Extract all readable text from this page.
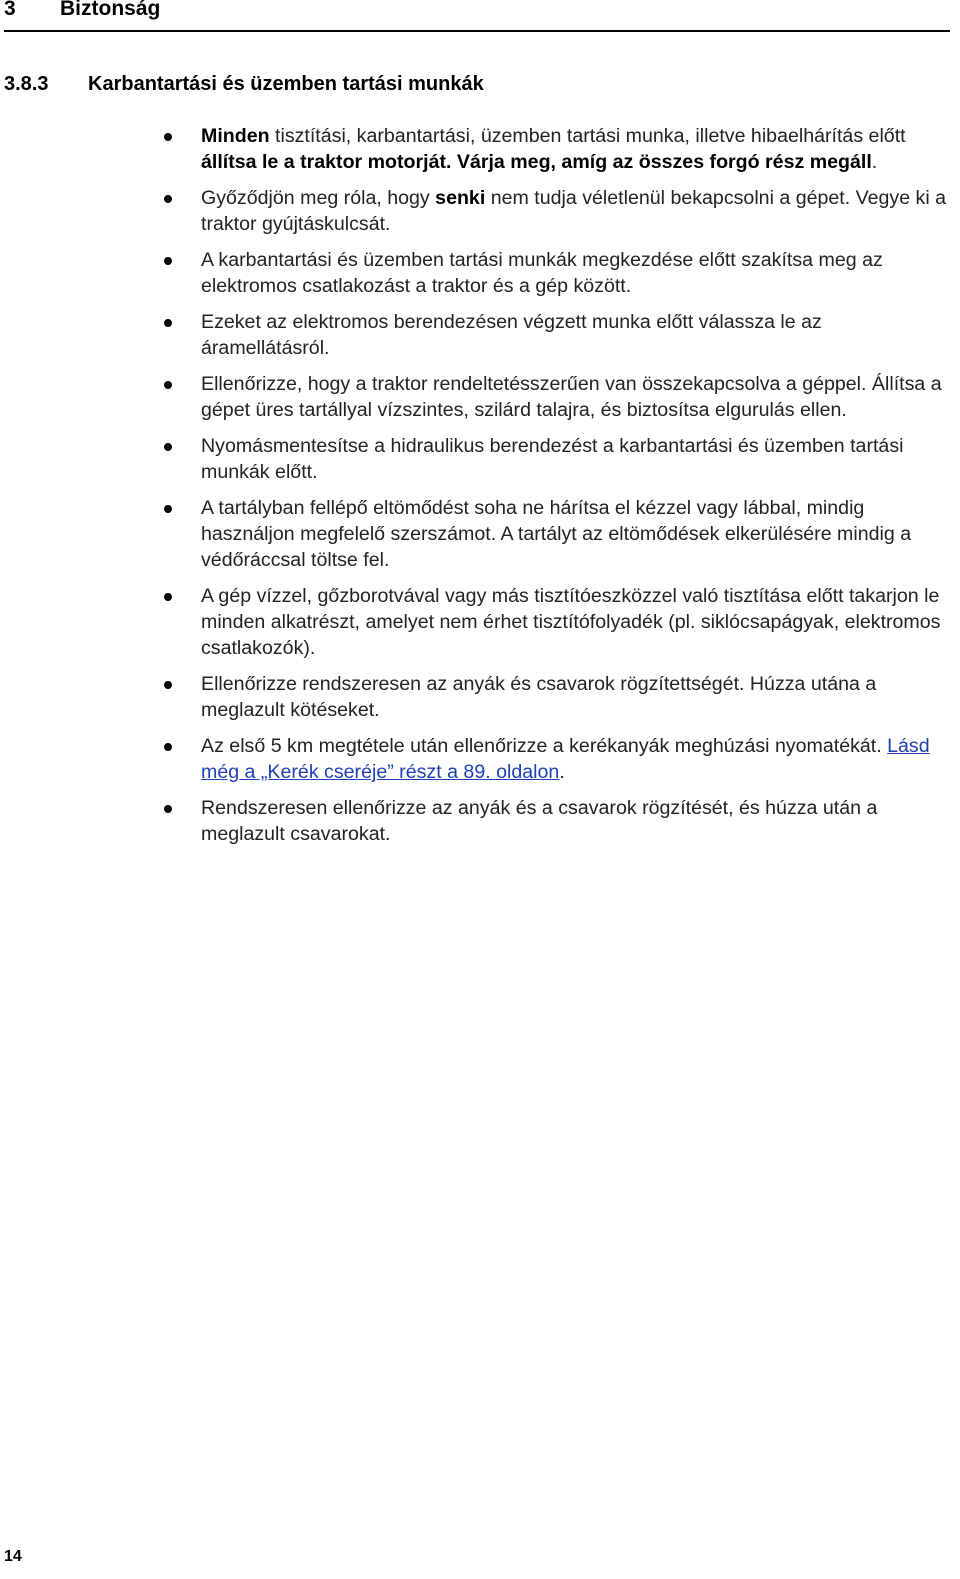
3 Biztonság
3.8.3 Karbantartási és üzemben tartási munkák
Minden tisztítási, karbantartási, üzemben tartási munka, illetve hibaelhárítás előtt állítsa le a traktor motorját. Várja meg, amíg az összes forgó rész megáll.
Győződjön meg róla, hogy senki nem tudja véletlenül bekapcsolni a gépet. Vegye ki a traktor gyújtáskulcsát.
A karbantartási és üzemben tartási munkák megkezdése előtt szakítsa meg az elektromos csatlakozást a traktor és a gép között.
Ezeket az elektromos berendezésen végzett munka előtt válassza le az áramellátásról.
Ellenőrizze, hogy a traktor rendeltetésszerűen van összekapcsolva a géppel. Állítsa a gépet üres tartállyal vízszintes, szilárd talajra, és biztosítsa elgurulás ellen.
Nyomásmentesítse a hidraulikus berendezést a karbantartási és üzemben tartási munkák előtt.
A tartályban fellépő eltömődést soha ne hárítsa el kézzel vagy lábbal, mindig használjon megfelelő szerszámot. A tartályt az eltömődések elkerülésére mindig a védőráccsal töltse fel.
A gép vízzel, gőzborotvával vagy más tisztítóeszközzel való tisztítása előtt takarjon le minden alkatrészt, amelyet nem érhet tisztítófolyadék (pl. siklócsapágyak, elektromos csatlakozók).
Ellenőrizze rendszeresen az anyák és csavarok rögzítettségét. Húzza utána a meglazult kötéseket.
Az első 5 km megtétele után ellenőrizze a kerékanyák meghúzási nyomatékát. Lásd még a „Kerék cseréje” részt a 89. oldalon.
Rendszeresen ellenőrizze az anyák és a csavarok rögzítését, és húzza után a meglazult csavarokat.
14
